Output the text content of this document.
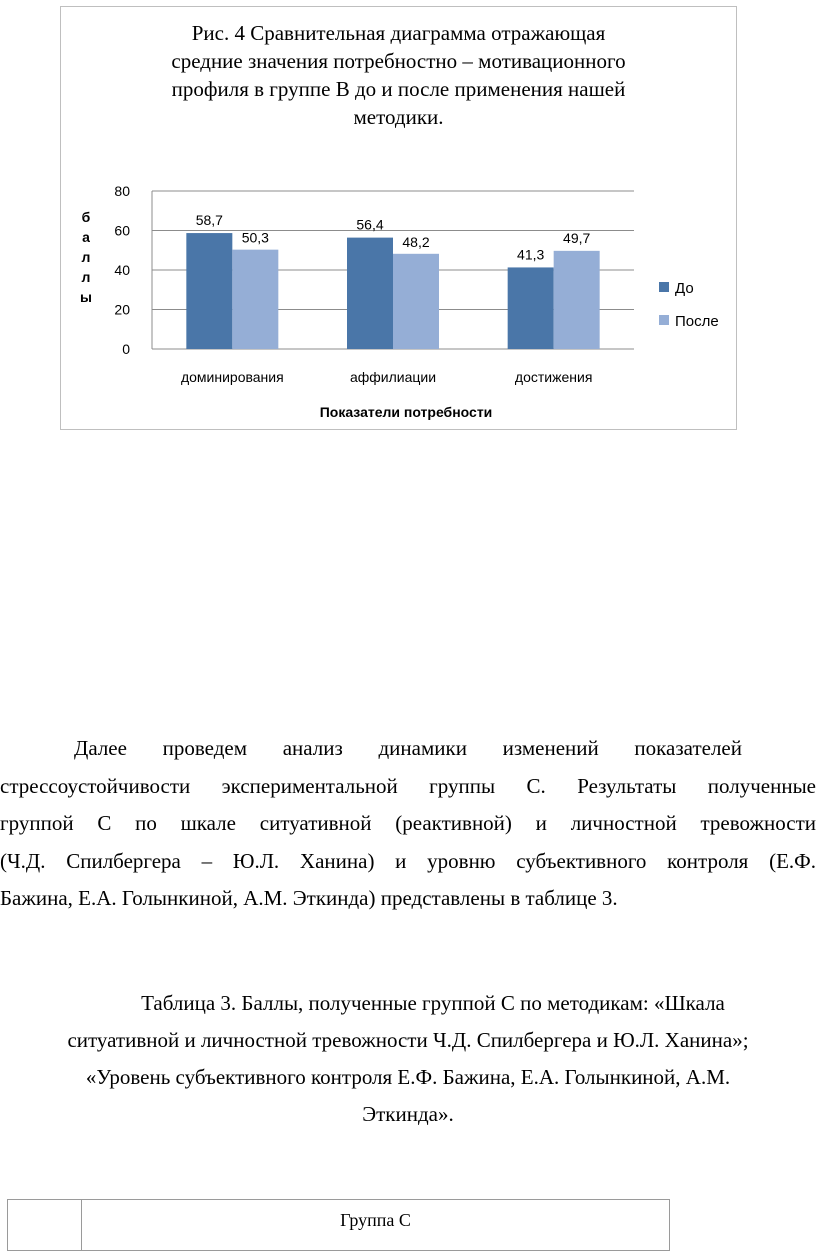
Рис. 4 Сравнительная диаграмма отражающая
средние значения потребностно – мотивационного
профиля в группе В до и после применения нашей
методики.
0
20
40
60
80
б
а
л
л
ы
58,7
50,3
доминирования
56,4
48,2
аффилиации
41,3
49,7
достижения
Показатели потребности
До
После
Далее проведем анализ динамики изменений показателей
стрессоустойчивости экспериментальной группы С. Результаты полученные
группой С по шкале ситуативной (реактивной) и личностной тревожности
(Ч.Д. Спилбергера – Ю.Л. Ханина) и уровню субъективного контроля (Е.Ф.
Бажина, Е.А. Голынкиной, А.М. Эткинда) представлены в таблице 3.
Таблица 3. Баллы, полученные группой С по методикам: «Шкала
ситуативной и личностной тревожности Ч.Д. Спилбергера и Ю.Л. Ханина»;
«Уровень субъективного контроля Е.Ф. Бажина, Е.А. Голынкиной, А.М.
Эткинда».
	Группа С
